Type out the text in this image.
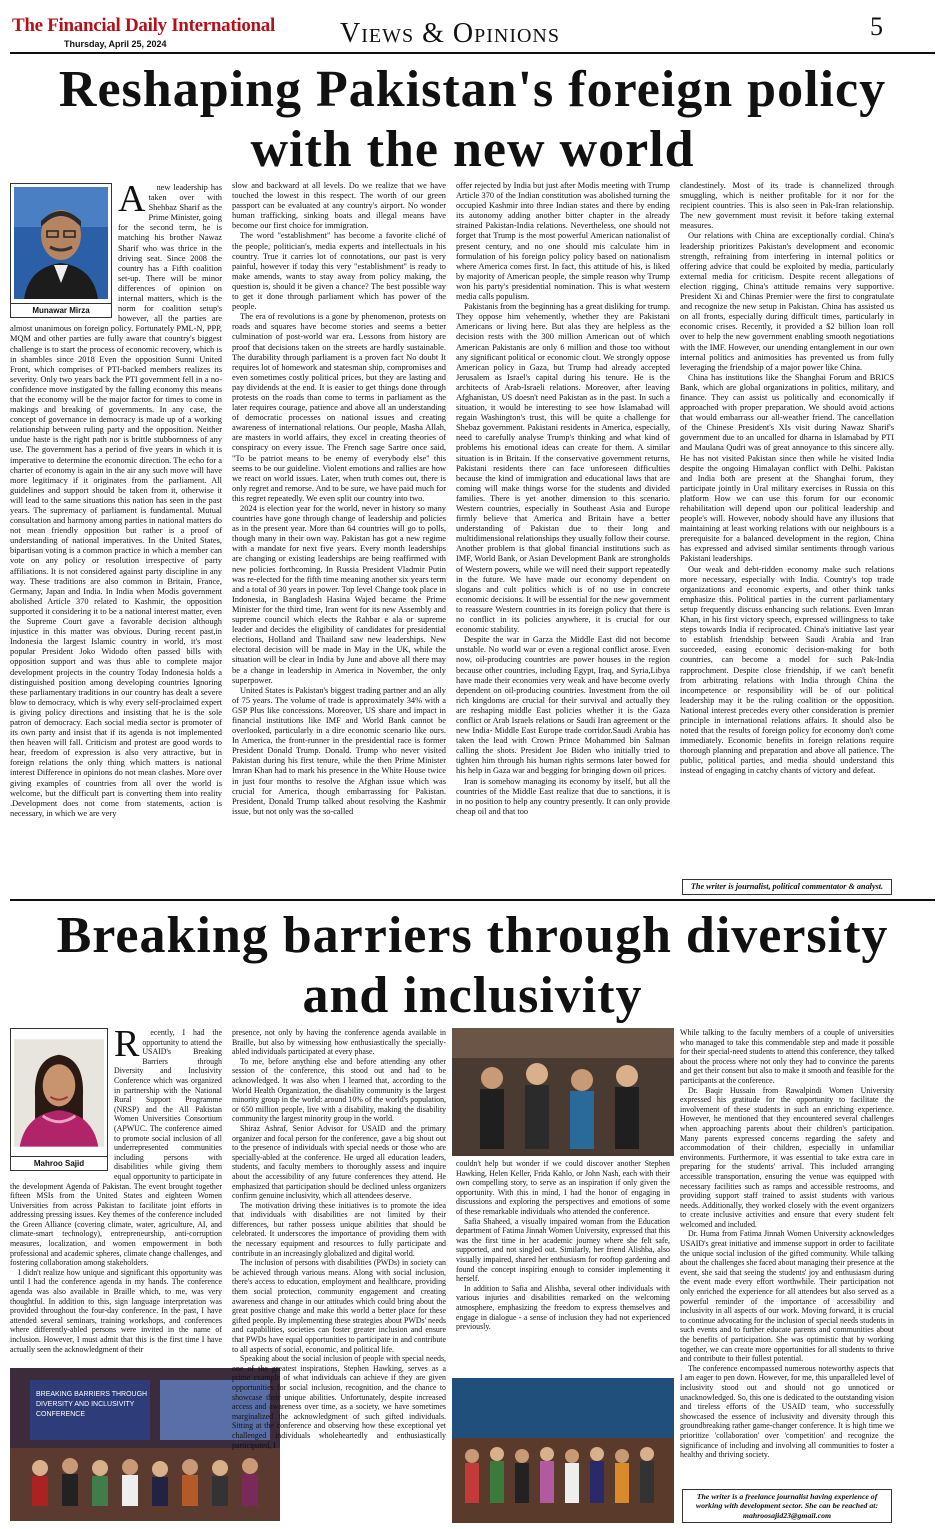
The Financial Daily International
Thursday, April 25, 2024	Views & Opinions	5
Reshaping Pakistan's foreign policy
with the new world
Munawar Mirza
A	new leadership has taken over with Shehbaz Sharif as the Prime Minister, going for the second term, he is matching his brother Nawaz Sharif who was thrice in the driving seat. Since 2008 the country has a Fifth coalition set-up. There will be minor differences of opinion on internal matters, which is the norm for coalition setup's however, all the parties are almost unanimous on foreign policy. Fortunately PML-N, PPP, MQM and other parties are fully aware that country's biggest challenge is to start the process of economic recovery, which is in shambles since 2018 Even the opposition Sunni United Front, which comprises of PTI-backed members realizes its severity. Only two years back the PTI government fell in a no-confidence move instigated by the falling economy this means that the economy will be the major factor for times to come in makings and breaking of governments. In any case, the concept of governance in democracy is made up of a working relationship between ruling party and the opposition. Neither undue haste is the right path nor is brittle stubbornness of any use. The government has a period of five years in which it is imperative to determine the economic direction. The echo for a charter of economy is again in the air any such move will have more legitimacy if it originates from the parliament. All guidelines and support should be taken from it, otherwise it will lead to the same situations this nation has seen in the past years. The supremacy of parliament is fundamental. Mutual consultation and harmony among parties in national matters do not mean friendly opposition but rather is a proof of understanding of national imperatives. In the United States, bipartisan voting is a common practice in which a member can vote on any policy or resolution irrespective of party affiliations. It is not considered against party discipline in any way. These traditions are also common in Britain, France, Germany, Japan and India. In India when Modis government abolished Article 370 related to Kashmir, the opposition supported it considering it to be a national interest matter, even the Supreme Court gave a favorable decision although injustice in this matter was obvious. During recent past,in Indonesia the largest Islamic country in world, it's most popular President Joko Widodo often passed bills with opposition support and was thus able to complete major development projects in the country Today Indonesia holds a distinguished position among developing countries Ignoring these parliamentary traditions in our country has dealt a severe blow to democracy, which is why every self-proclaimed expert is giving policy directions and insisting that he is the sole patron of democracy. Each social media sector is promoter of its own party and insist that if its agenda is not implemented then heaven will fall. Criticism and protest are good words to hear, freedom of expression is also very attractive, but in foreign relations the only thing which matters is national interest Difference in opinions do not mean clashes. More over giving examples of countries from all over the world is welcome, but the difficult part is converting them into reality .Development does not come from statements, action is necessary, in which we are very

slow and backward at all levels. Do we realize that we have touched the lowest in this respect. The worth of our green passport can be evaluated at any country's airport. No wonder human trafficking, sinking boats and illegal means have become our first choice for immigration.

The word "establishment" has become a favorite cliché of the people, politician's, media experts and intellectuals in his country. True it carries lot of connotations, our past is very painful, however if today this very "establishment" is ready to make amends, wants to stay away from policy making, the question is, should it be given a chance? The best possible way to get it done through parliament which has power of the people.

The era of revolutions is a gone by phenomenon, protests on roads and squares have become stories and seems a better culmination of post-world war era. Lessons from history are proof that decisions taken on the streets are hardly sustainable. The durability through parliament is a proven fact No doubt It requires lot of homework and statesman ship, compromises and even sometimes costly political prices, but they are lasting and pay dividends at the end. It is easier to get things done through protests on the roads than come to terms in parliament as the later requires courage, patience and above all an understanding of democratic processes on national issues and creating awareness of international relations. Our people, Masha Allah, are masters in world affairs, they excel in creating theories of conspiracy on every issue. The French sage Sartre once said, "To be patriot means to be enemy of everybody else" this seems to be our guideline. Violent emotions and rallies are how we react on world issues. Later, when truth comes out, there is only regret and remorse. And to be sure, we have paid much for this regret repeatedly. We even split our country into two.

2024 is election year for the world, never in history so many countries have gone through change of leadership and policies as in the present year. More than 64 countries will go to polls, though many in their own way. Pakistan has got a new regime with a mandate for next five years. Every month leaderships are changing or existing leaderships are being reaffirmed with new policies forthcoming. In Russia President Vladmir Putin was re-elected for the fifth time meaning another six years term and a total of 30 years in power. Top level Change took place in Indonesia, in Bangladesh Hasina Wajed became the Prime Minister for the third time, Iran went for its new Assembly and supreme council which elects the Rahbar e ala or supreme leader and decides the eligibility of candidates for presidential elections, Holland and Thailand saw new leaderships. New electoral decision will be made in May in the UK, while the situation will be clear in India by June and above all there may be a change in leadership in America in November, the only superpower.

United States is Pakistan's biggest trading partner and an ally of 75 years. The volume of trade is approximately 34% with a GSP Plus like concessions. Moreover, US share and impact in financial institutions like IMF and World Bank cannot be overlooked, particularly in a dire economic scenario like ours. In America, the front-runner in the presidential race is former President Donald Trump. Donald. Trump who never visited Pakistan during his first tenure, while the then Prime Minister Imran Khan had to mark his presence in the White House twice in just four months to resolve the Afghan issue which was crucial for America, though embarrassing for Pakistan. President, Donald Trump talked about resolving the Kashmir issue, but not only was the so-called

offer rejected by India but just after Modis meeting with Trump Article 370 of the Indian constitution was abolished turning the occupied Kashmir into three Indian states and there by ending its autonomy adding another bitter chapter in the already strained Pakistan-India relations. Nevertheless, one should not forget that Trump is the most powerful American nationalist of present century, and no one should mis calculate him in formulation of his foreign policy policy based on nationalism where America comes first. In fact, this attitude of his, is liked by majority of American people, the simple reason why Trump won his party's presidential nomination. This is what western media calls populism.

Pakistanis from the beginning has a great disliking for trump. They oppose him vehemently, whether they are Pakistani Americans or living here. But alas they are helpless as the decision rests with the 300 million American out of which American Pakistanis are only 6 million and those too without any significant political or economic clout. We strongly oppose American policy in Gaza, but Trump had already accepted Jerusalem as Israel's capital during his tenure. He is the architects of Arab-Israeli relations. Moreover, after leaving Afghanistan, US doesn't need Pakistan as in the past. In such a situation, it would be interesting to see how Islamabad will regain Washington's trust, this will be quite a challenge for Shebaz government. Pakistani residents in America, especially, need to carefully analyse Trump's thinking and what kind of problems his emotional ideas can create for them. A similar situation is in Britain. If the conservative government returns, Pakistani residents there can face unforeseen difficulties because the kind of immigration and educational laws that are coming will make things worse for the students and divided families. There is yet another dimension to this scenario. Western countries, especially in Southeast Asia and Europe firmly believe that America and Britain have a better understanding of Pakistan due to their long and multidimensional relationships they usually follow their course. Another problem is that global financial institutions such as IMF, World Bank, or Asian Development Bank are strongholds of Western powers, while we will need their support repeatedly in the future. We have made our economy dependent on slogans and cult politics which is of no use in concrete economic decisions. It will be essential for the new government to reassure Western countries in its foreign policy that there is no conflict in its policies anywhere, it is crucial for our economic stability.

Despite the war in Garza the Middle East did not become unstable. No world war or even a regional conflict arose. Even now, oil-producing countries are power houses in the region because other countries, including Egypt, Iraq, and Syria,Libya have made their economies very weak and have become overly dependent on oil-producing countries. Investment from the oil rich kingdoms are crucial for their survival and actually they are reshaping middle East policies whether it is the Gaza conflict or Arab Israels relations or Saudi Iran agreement or the new India- Middle East Europe trade corridor.Saudi Arabia has taken the lead with Crown Prince Mohammed bin Salman calling the shots. President Joe Biden who initially tried to tighten him through his human rights sermons later bowed for his help in Gaza war and begging for bringing down oil prices.

Iran is somehow managing its economy by itself, but all the countries of the Middle East realize that due to sanctions, it is in no position to help any country presently. It can only provide cheap oil and that too

clandestinely. Most of its trade is channelized through smuggling, which is neither profitable for it nor for the recipient countries. This is also seen in Pak-Iran relationship. The new government must revisit it before taking external measures.

Our relations with China are exceptionally cordial. China's leadership prioritizes Pakistan's development and economic strength, refraining from interfering in internal politics or offering advice that could be exploited by media, particularly external media for criticism. Despite recent allegations of election rigging, China's attitude remains very supportive. President Xi and Chinas Premier were the first to congratulate and recognize the new setup in Pakistan. China has assisted us on all fronts, especially during difficult times, particularly in economic crises. Recently, it provided a $2 billion loan roll over to help the new government enabling smooth negotiations with the IMF. However, our unending entanglement in our own internal politics and animosities has prevented us from fully leveraging the friendship of a major power like China.

China has institutions like the Shanghai Forum and BRICS Bank, which are global organizations in politics, military, and finance. They can assist us politically and economically if approached with proper preparation. We should avoid actions that would embarrass our all-weather friend. The cancellation of the Chinese President's XIs visit during Nawaz Sharif's government due to an uncalled for dharna in Islamabad by PTI and Maulana Qudri was of great annoyance to this sincere ally. He has not visited Pakistan since then while he visited India despite the ongoing Himalayan conflict with Delhi. Pakistan and India both are present at the Shanghai forum, they participate jointly in Ural military exercises in Russia on this platform How we can use this forum for our economic rehabilitation will depend upon our political leadership and people's will. However, nobody should have any illusions that maintaining at least working relations with our neighbours is a prerequisite for a balanced development in the region, China has expressed and advised similar sentiments through various Pakistani leaderships.

Our weak and debt-ridden economy make such relations more necessary, especially with India. Country's top trade organizations and economic experts, and other think tanks emphasize this. Political parties in the current parliamentary setup frequently discuss enhancing such relations. Even Imran Khan, in his first victory speech, expressed willingness to take steps towards India if reciprocated. China's initiative last year to establish friendship between Saudi Arabia and Iran succeeded, easing economic decision-making for both countries, can become a model for such Pak-India rapprochment. Despite close friendship, if we can't benefit from arbitrating relations with India through China the incompetence or responsibility will be of our political leadership may it be the ruling coalition or the opposition. National interest precedes every other consideration is premier principle in international relations affairs. It should also be noted that the results of foreign policy for economy don't come immediately. Economic benefits in foreign relations require thorough planning and preparation and above all patience. The public, political parties, and media should understand this instead of engaging in catchy chants of victory and defeat.

The writer is journalist, political commentator & analyst.
Breaking barriers through diversity
and inclusivity
Mahroo Sajid
R	ecently, I had the opportunity to attend the USAID's Breaking Barriers through Diversity and Inclusivity Conference which was organized in partnership with the National Rural Support Programme (NRSP) and the All Pakistan Women Universities Consortium (APWUC. The conference aimed to promote social inclusion of all underrepresented communities including persons with disabilities while giving them equal opportunity to participate in the development Agenda of Pakistan. The event brought together fifteen MSIs from the United States and eighteen Women Universities from across Pakistan to facilitate joint efforts in addressing pressing issues. Key themes of the conference included the Green Alliance (covering climate, water, agriculture, AI, and climate-smart technology), entrepreneurship, anti-corruption measures, localization, and women empowerment in both professional and academic spheres, climate change challenges, and fostering collaboration among stakeholders.

I didn't realize how unique and significant this opportunity was until I had the conference agenda in my hands. The conference agenda was also available in Braille which, to me, was very thoughtful. In addition to this, sign language interpretation was provided throughout the four-day conference. In the past, I have attended several seminars, training workshops, and conferences where differently-abled persons were invited in the name of inclusion. However, I must admit that this is the first time I have actually seen the acknowledgment of their

BREAKING BARRIERS THROUGH
DIVERSITY AND INCLUSIVITY
CONFERENCE

presence, not only by having the conference agenda available in Braille, but also by witnessing how enthusiastically the specially-abled individuals participated at every phase.

To me, before anything else and before attending any other session of the conference, this stood out and had to be acknowledged. It was also when I learned that, according to the World Health Organization, the disability community is the largest minority group in the world: around 10% of the world's population, or 650 million people, live with a disability, making the disability community the largest minority group in the world.

Shiraz Ashraf, Senior Advisor for USAID and the primary organizer and focal person for the conference, gave a big shout out to the presence of individuals with special needs or those who are specially-abled at the conference. He urged all education leaders, students, and faculty members to thoroughly assess and inquire about the accessibility of any future conferences they attend. He emphasized that participation should be declined unless organizers confirm genuine inclusivity, which all attendees deserve.

The motivation driving these initiatives is to promote the idea that individuals with disabilities are not limited by their differences, but rather possess unique abilities that should be celebrated. It underscores the importance of providing them with the necessary equipment and resources to fully participate and contribute in an increasingly globalized and digital world.

The inclusion of persons with disabilities (PWDs) in society can be achieved through various means. Along with social inclusion, there's access to education, employment and healthcare, providing them social protection, community engagement and creating awareness and change in our attitudes which could bring about the great positive change and make this world a better place for these gifted people. By implementing these strategies about PWDs' needs and capabilities, societies can foster greater inclusion and ensure that PWDs have equal opportunities to participate in and contribute to all aspects of social, economic, and political life.

Speaking about the social inclusion of people with special needs, one of the greatest inspirations, Stephen Hawking, serves as a prime example of what individuals can achieve if they are given opportunities for social inclusion, recognition, and the chance to showcase their unique abilities. Unfortunately, despite increased access and awareness over time, as a society, we have sometimes marginalized the acknowledgment of such gifted individuals. Sitting at the conference and observing how these exceptional yet challenged individuals wholeheartedly and enthusiastically participated, I

couldn't help but wonder if we could discover another Stephen Hawking, Helen Keller, Frida Kahlo, or John Nash, each with their own compelling story, to serve as an inspiration if only given the opportunity. With this in mind, I had the honor of engaging in discussions and exploring the perspectives and emotions of some of these remarkable individuals who attended the conference.

Safia Shaheed, a visually impaired woman from the Education department of Fatima Jinnah Women University, expressed that this was the first time in her academic journey where she felt safe, supported, and not singled out. Similarly, her friend Alishba, also visually impaired, shared her enthusiasm for rooftop gardening and found the concept inspiring enough to consider implementing it herself.

In addition to Safia and Alishba, several other individuals with various injuries and disabilities remarked on the welcoming atmosphere, emphasizing the freedom to express themselves and engage in dialogue - a sense of inclusion they had not experienced previously.

While talking to the faculty members of a couple of universities who managed to take this commendable step and made it possible for their special-need students to attend this conference, they talked about the process where not only they had to convince the parents and get their consent but also to make it smooth and feasible for the participants at the conference.

Dr. Baqir Hussain from Rawalpindi Women University expressed his gratitude for the opportunity to facilitate the involvement of these students in such an enriching experience. However, he mentioned that they encountered several challenges when approaching parents about their children's participation. Many parents expressed concerns regarding the safety and accommodation of their children, especially in unfamiliar environments. Furthermore, it was essential to take extra care in preparing for the students' arrival. This included arranging accessible transportation, ensuring the venue was equipped with necessary facilities such as ramps and accessible restrooms, and providing support staff trained to assist students with various needs. Additionally, they worked closely with the event organizers to create inclusive activities and ensure that every student felt welcomed and included.

Dr. Huma from Fatima Jinnah Women University acknowledges USAID's great initiative and immense support in order to facilitate the unique social inclusion of the gifted community. While talking about the challenges she faced about managing their presence at the event, she said that seeing the students' joy and enthusiasm during the event made every effort worthwhile. Their participation not only enriched the experience for all attendees but also served as a powerful reminder of the importance of accessibility and inclusivity in all aspects of our work. Moving forward, it is crucial to continue advocating for the inclusion of special needs students in such events and to further educate parents and communities about the benefits of participation. She was optimistic that by working together, we can create more opportunities for all students to thrive and contribute to their fullest potential.

The conference encompassed numerous noteworthy aspects that I am eager to pen down. However, for me, this unparalleled level of inclusivity stood out and should not go unnoticed or unacknowledged. So, this one is dedicated to the outstanding vision and tireless efforts of the USAID team, who successfully showcased the essence of inclusivity and diversity through this groundbreaking rather game-changer conference. It is high time we prioritize 'collaboration' over 'competition' and recognize the significance of including and involving all communities to foster a healthy and thriving society.

The writer is a freelance journalist having experience of working with development sector. She can be reached at: mahroosajid23@gmail.com
